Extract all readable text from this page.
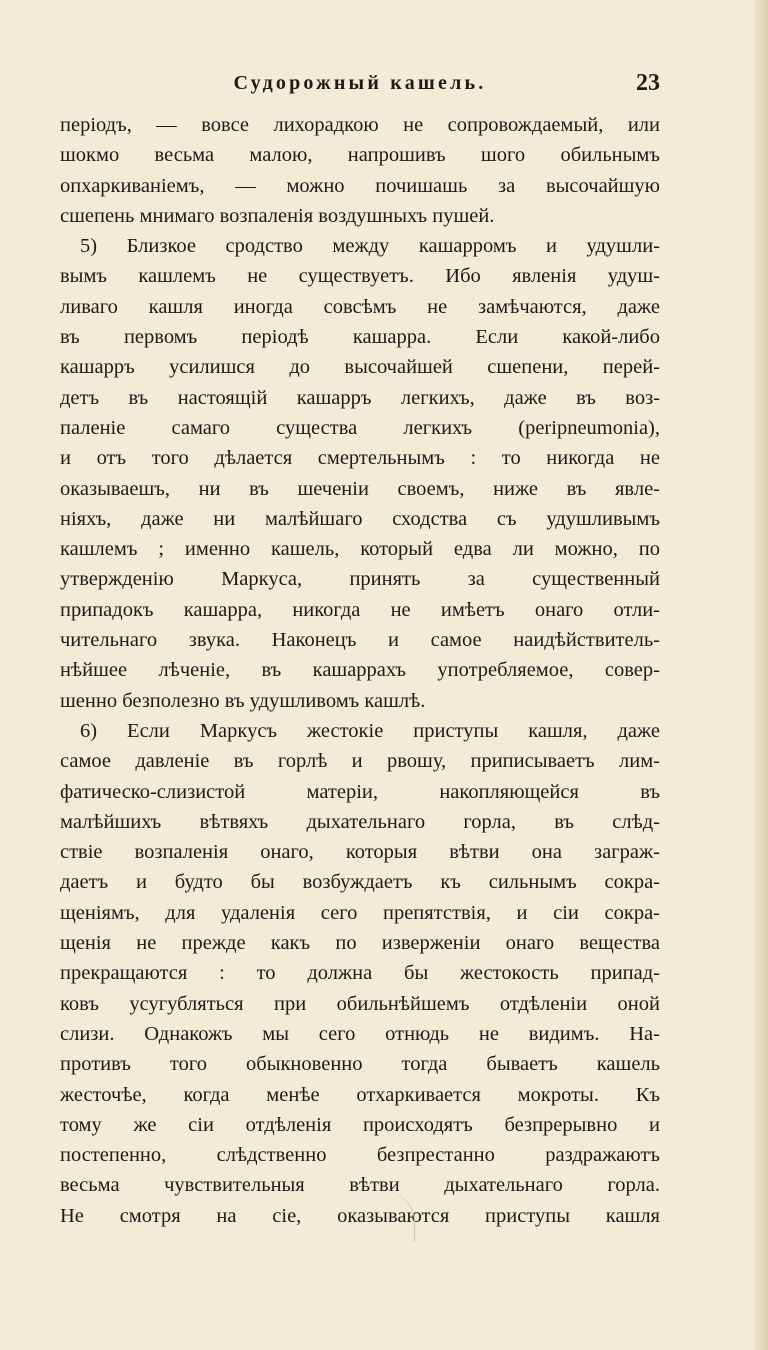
Судорожный кашель.	23
періодъ, — вовсе лихорадкою не сопровождаемый, или
шокмо весьма малою, напрошивъ шого обильнымъ
опхаркиваніемъ, — можно почишашь за высочайшую
сшепень мнимаго возпаленія воздушныхъ пушей.
5) Близкое сродство между кашарромъ и удушли-
вымъ кашлемъ не существуетъ. Ибо явленія удуш-
ливаго кашля иногда совсѣмъ не замѣчаются, даже
въ первомъ періодѣ кашарра. Если какой-либо
кашарръ усилишся до высочайшей сшепени, перей-
детъ въ настоящій кашарръ легкихъ, даже въ воз-
паленіе самаго существа легкихъ (peripneumonia),
и отъ того дѣлается смертельнымъ : то никогда не
оказываешъ, ни въ шеченіи своемъ, ниже въ явле-
ніяхъ, даже ни малѣйшаго сходства съ удушливымъ
кашлемъ ; именно кашель, который едва ли можно, по
утвержденію Маркуса, принять за существенный
припадокъ кашарра, никогда не имѣетъ онаго отли-
чительнаго звука. Наконецъ и самое наидѣйствитель-
нѣйшее лѣченіе, въ кашаррахъ употребляемое, совер-
шенно безполезно въ удушливомъ кашлѣ.
6) Если Маркусъ жестокіе приступы кашля, даже
самое давленіе въ горлѣ и рвошу, приписываетъ лим-
фатическо-слизистой матеріи, накопляющейся въ
малѣйшихъ вѣтвяхъ дыхательнаго горла, въ слѣд-
ствіе возпаленія онаго, которыя вѣтви она заграж-
даетъ и будто бы возбуждаетъ къ сильнымъ сокра-
щеніямъ, для удаленія сего препятствія, и сіи сокра-
щенія не прежде какъ по изверженіи онаго вещества
прекращаются : то должна бы жестокость припад-
ковъ усугубляться при обильнѣйшемъ отдѣленіи оной
слизи. Однакожъ мы сего отнюдь не видимъ. На-
противъ того обыкновенно тогда бываетъ кашель
жесточѣе, когда менѣе отхаркивается мокроты. Къ
тому же сіи отдѣленія происходятъ безпрерывно и
постепенно, слѣдственно безпрестанно раздражаютъ
весьма чувствительныя вѣтви дыхательнаго горла.
Не смотря на сіе, оказываются приступы кашля
